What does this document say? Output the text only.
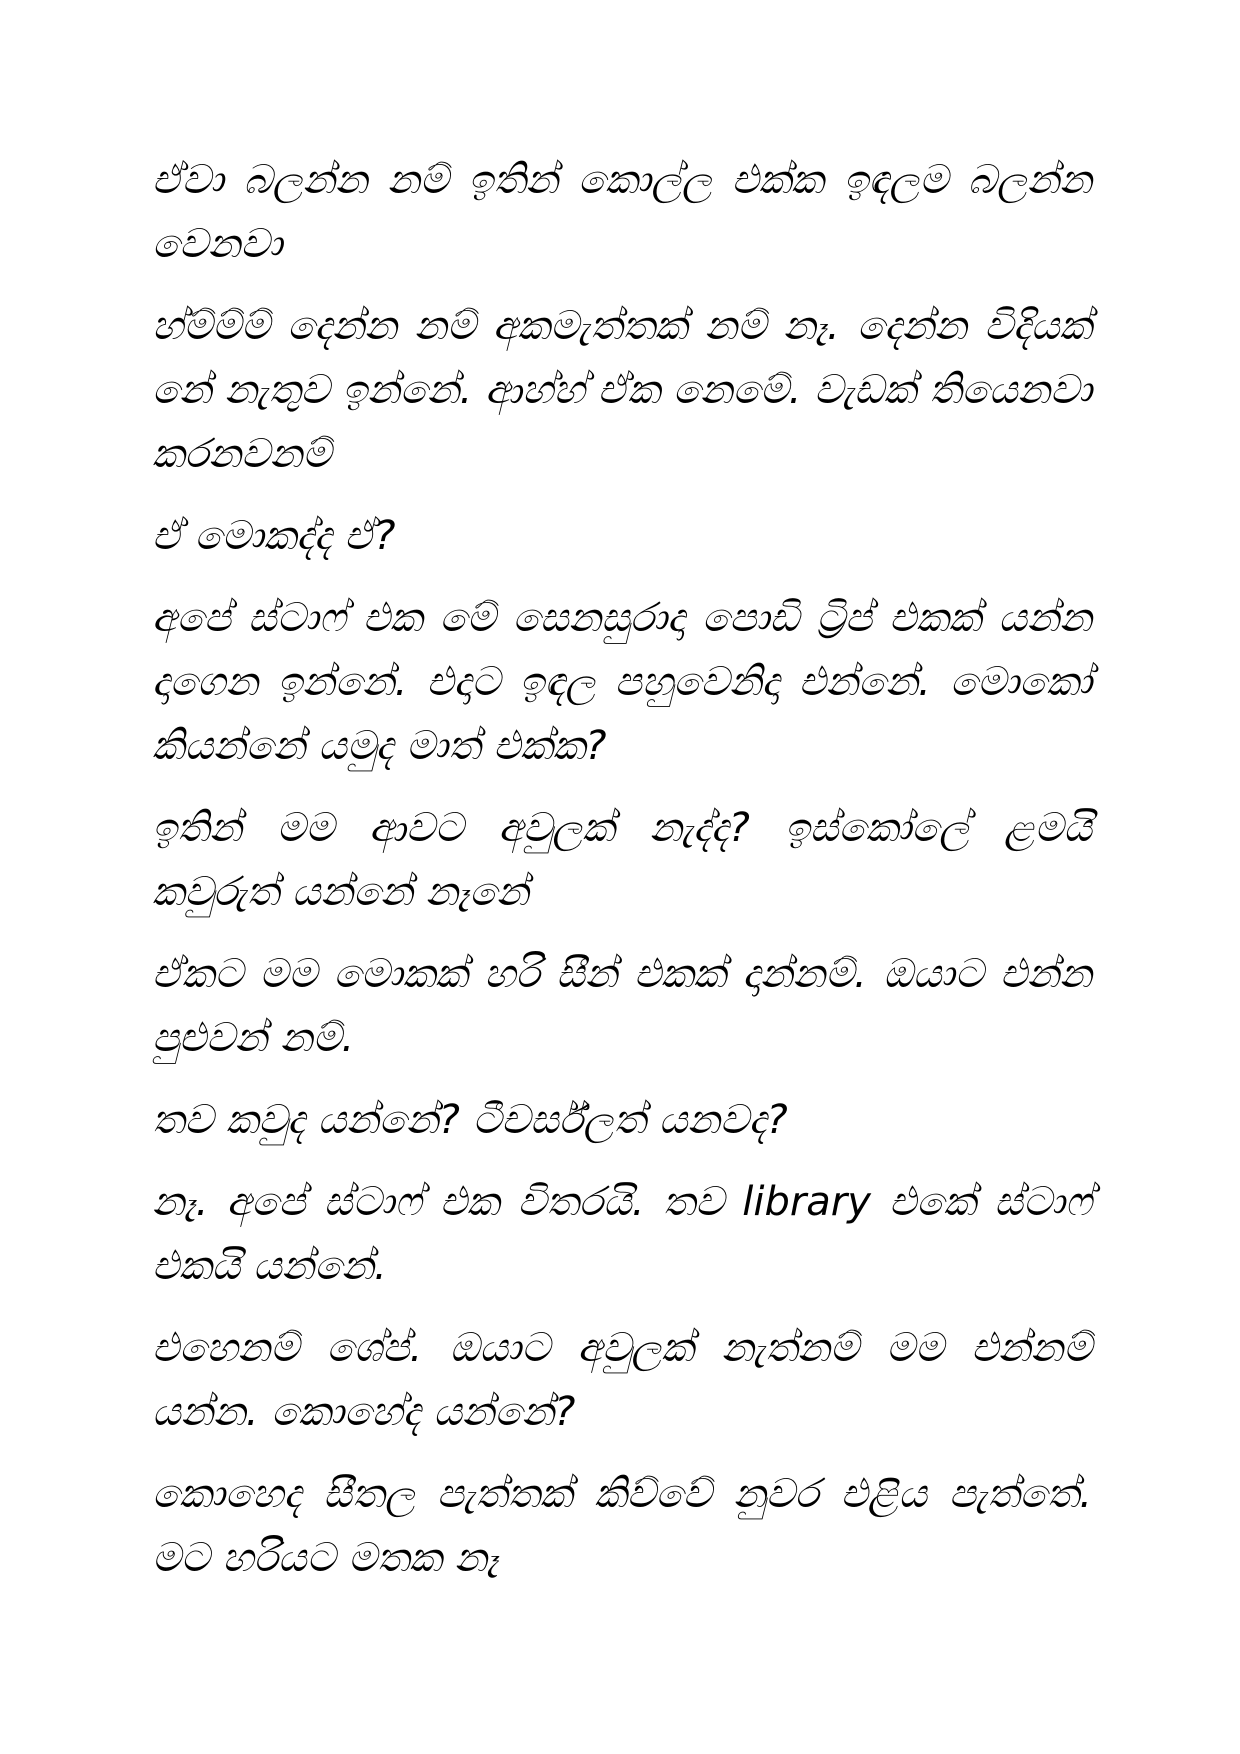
ඒවා බලන්න නම් ඉතින් කොල්ල එක්ක ඉඳලම බලන්න වෙනවා

හ්ම්ම්ම් දෙන්න නම් අකමැත්තක් නම් නෑ. දෙන්න විදියක් නේ නැතුව ඉන්නේ. ආහ්හ් ඒක නෙමේ. වැඩක් තියෙනවා කරනවනම්

ඒ මොකද්ද ඒ?

අපේ ස්ටාෆ් එක මේ සෙනසුරාදා පොඩි ට්‍රිප් එකක් යන්න දාගෙන ඉන්නේ. එදාට ඉඳල පහුවෙනිදා එන්නේ. මොකෝ කියන්නේ යමුද මාත් එක්ක?

ඉතින් මම ආවට අවුලක් නැද්ද? ඉස්කෝලේ ළමයි කවුරුත් යන්නේ නෑනේ

ඒකට මම මොකක් හරි සීන් එකක් දාන්නම්. ඔයාට එන්න පුළුවන් නම්.

තව කවුද යන්නේ? ටීචර්ස්ලත් යනවද?

නෑ. අපේ ස්ටාෆ් එක විතරයි. තව library එකේ ස්ටාෆ් එකයි යන්නේ.

එහෙනම් ශේප්. ඔයාට අවුලක් නැත්නම් මම එන්නම් යන්න. කොහේද යන්නේ?

කොහෙද සීතල පැත්තක් කිව්වේ නුවර එළිය පැත්තේ. මට හරියට මතක නෑ
